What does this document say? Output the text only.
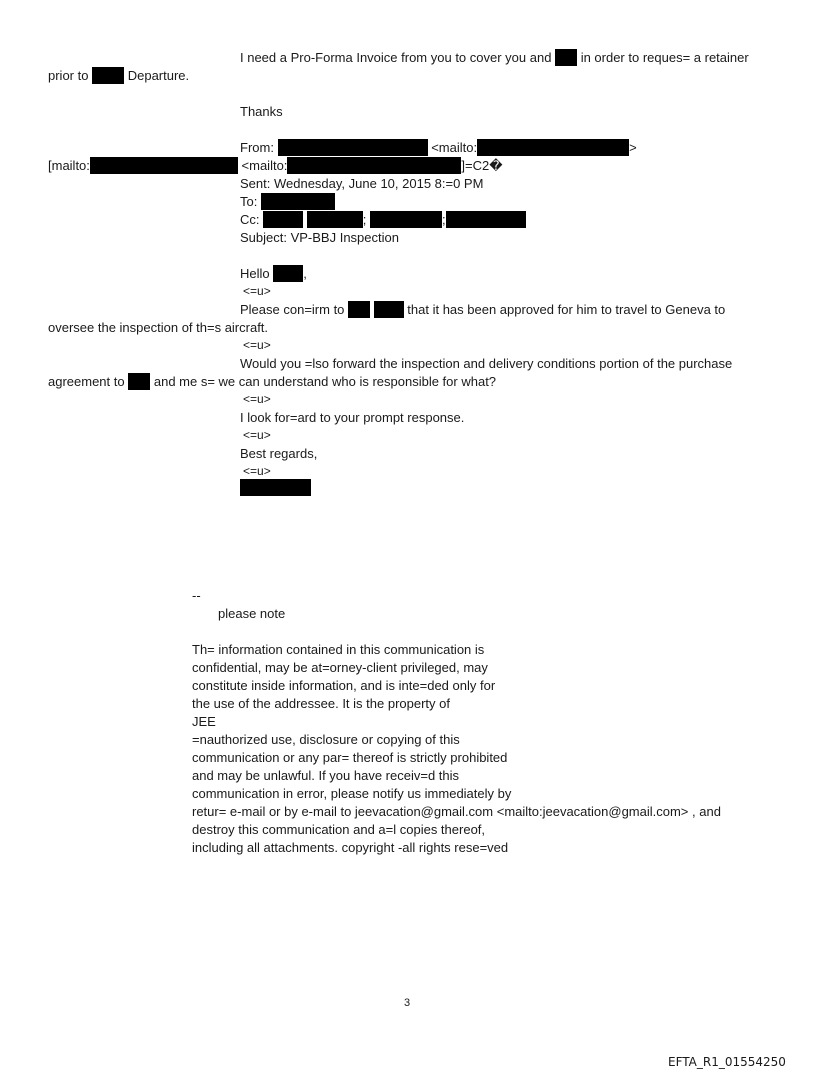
I need a Pro-Forma Invoice from you to cover you and in order to reques= a retainer
prior to	Departure.
Thanks
From:	<mailto:	>
[mailto:	<mailto:	]=C2�
Sent: Wednesday, June 10, 2015 8:=0 PM
To:
Cc:	;	;
Subject: VP-BBJ Inspection
Hello	,
<=u>
Please con=irm to	that it has been approved for him to travel to Geneva to
oversee the inspection of th=s aircraft.
<=u>
Would you =lso forward the inspection and delivery conditions portion of the purchase
agreement to and me s= we can understand who is responsible for what?
<=u>
I look for=ard to your prompt response.
<=u>
Best regards,
<=u>
--
please note
Th= information contained in this communication is
confidential, may be at=orney-client privileged, may
constitute inside information, and is inte=ded only for
the use of the addressee. It is the property of
JEE
=nauthorized use, disclosure or copying of this
communication or any par= thereof is strictly prohibited
and may be unlawful. If you have receiv=d this
communication in error, please notify us immediately by
retur= e-mail or by e-mail to jeevacation@gmail.com <mailto:jeevacation@gmail.com> , and
destroy this communication and a=l copies thereof,
including all attachments. copyright -all rights rese=ved
3
EFTA_R1_01554250
